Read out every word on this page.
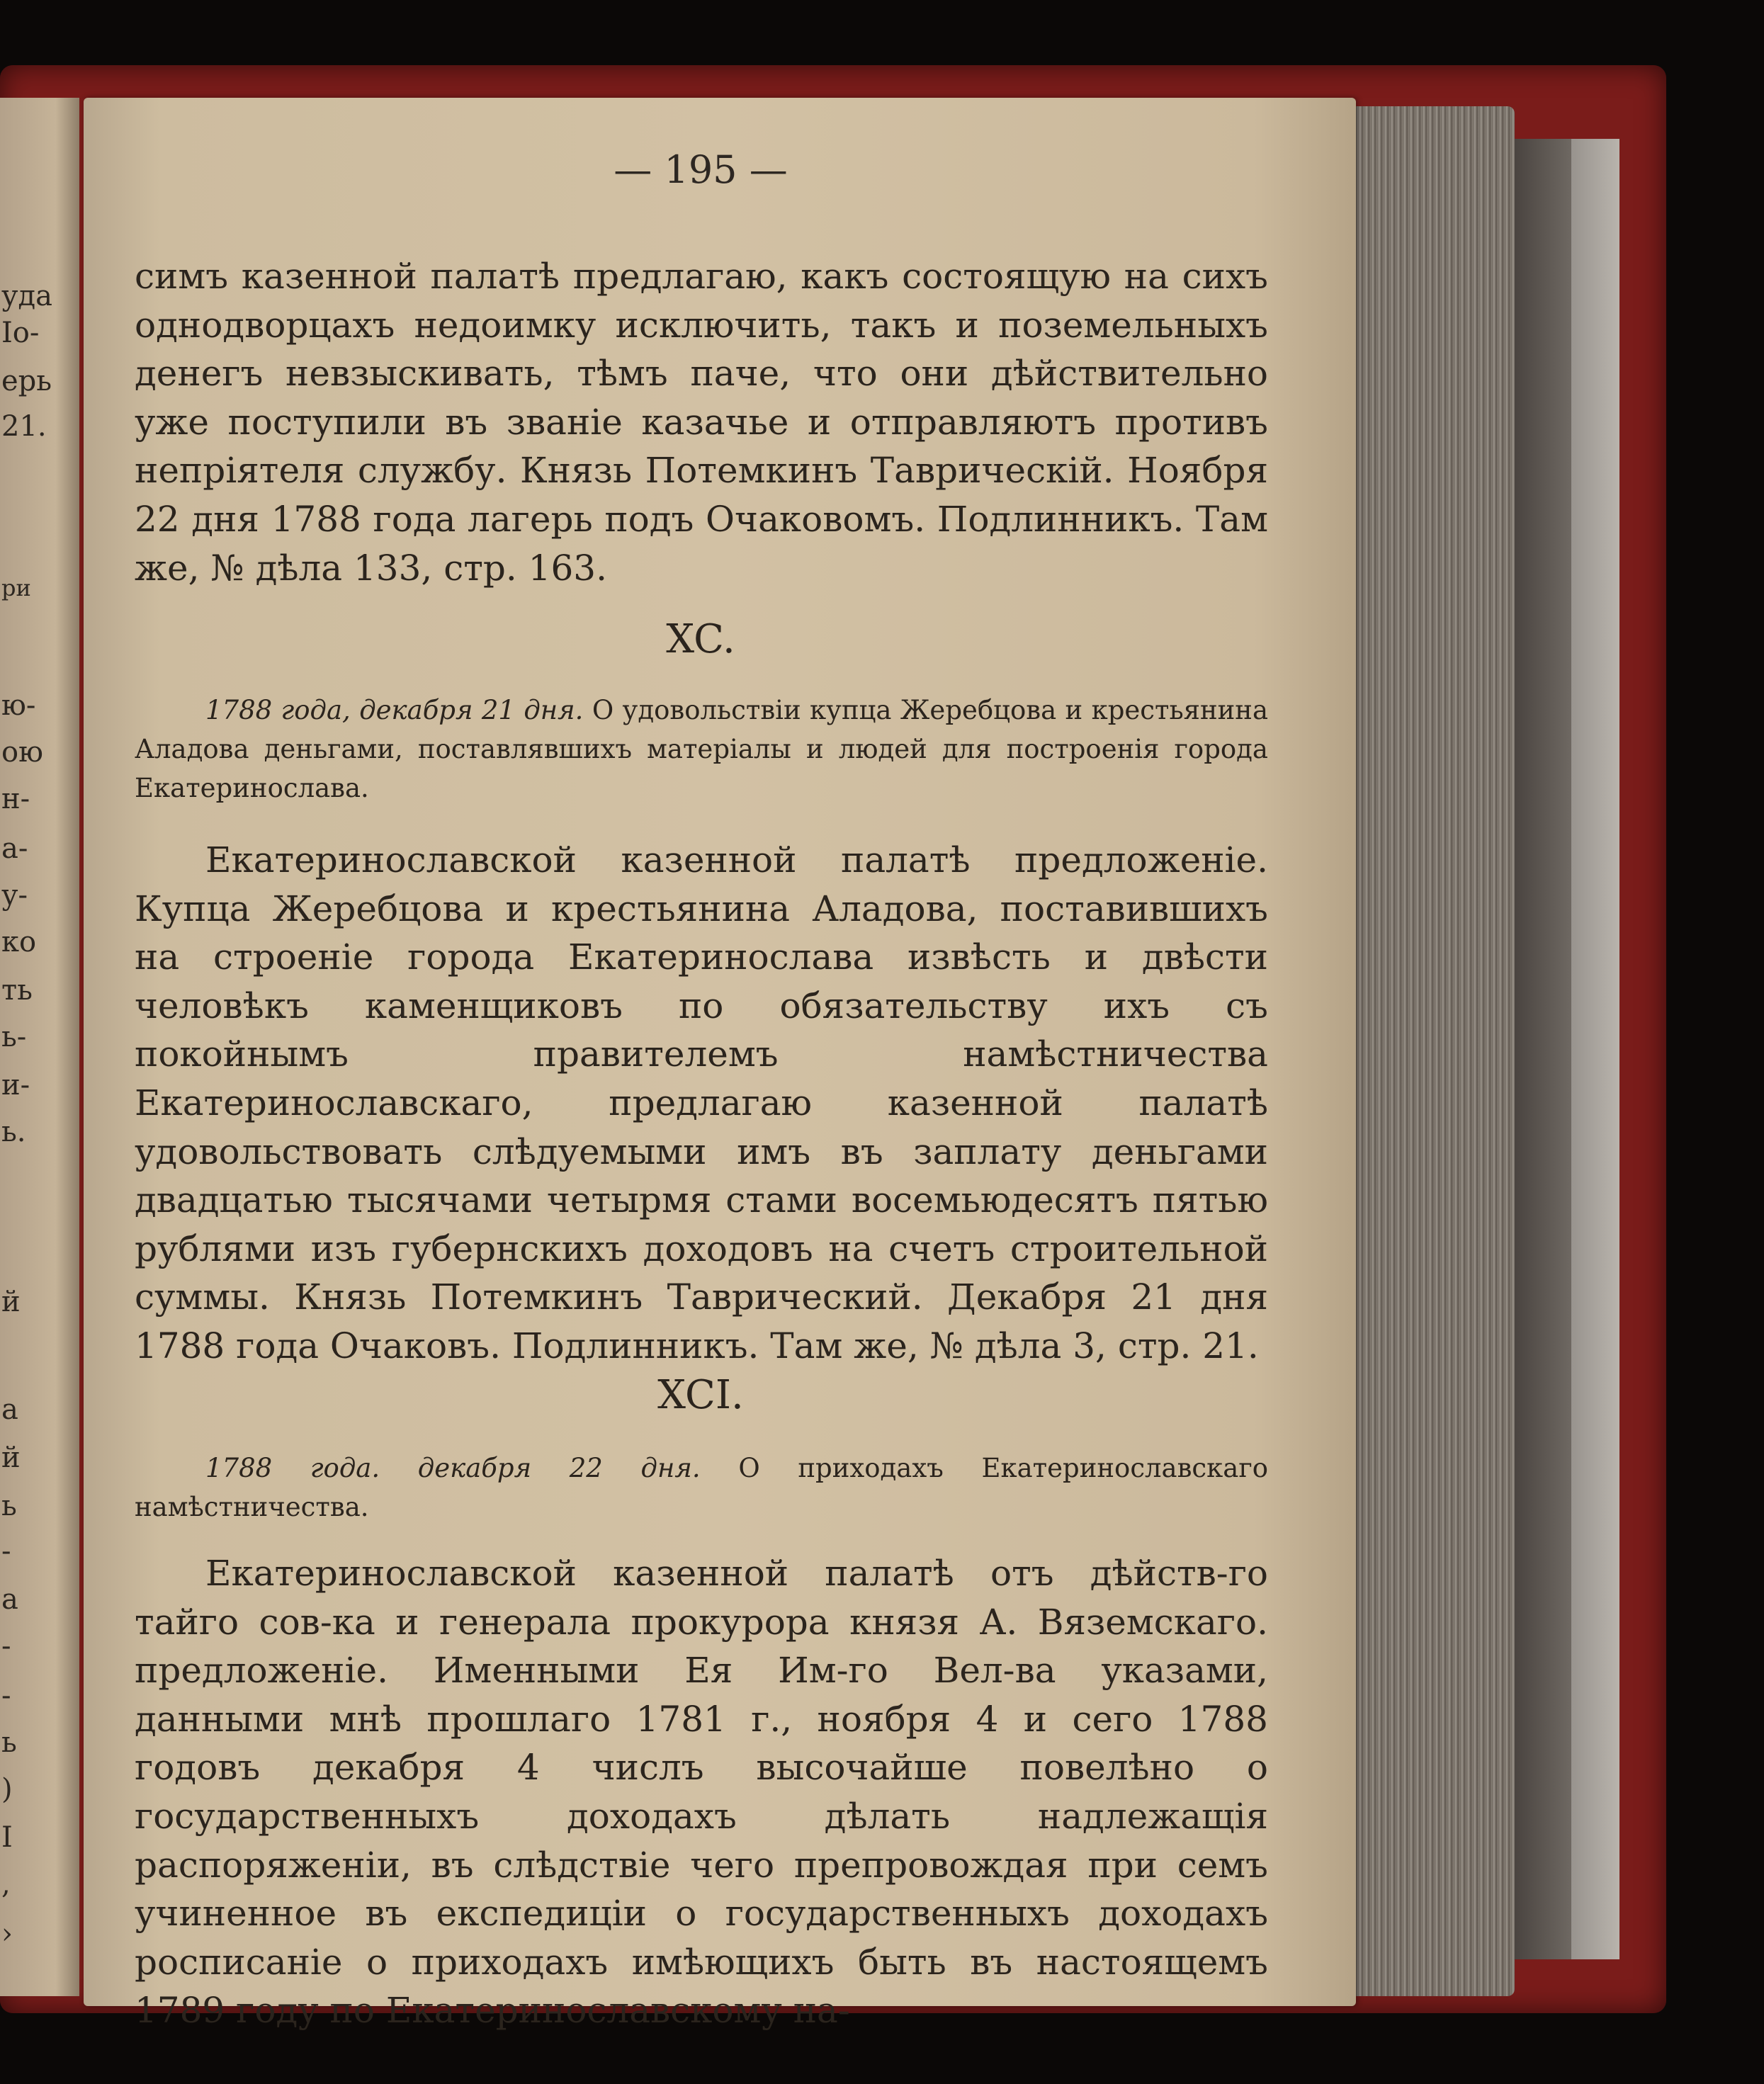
уда
Io-
ерь
21.
ри
ю-
ою
н-
а-
у-
ко
ть
ь-
и-
ь.
й
а
й
ь
-
а
-
-
ь
)
I
,
›
— 195 —
симъ казенной палатѣ предлагаю, какъ состоящую на сихъ однодворцахъ недоимку исключить, такъ и поземельныхъ денегъ невзыскивать, тѣмъ паче, что они дѣйствительно уже поступили въ званіе казачье и отправляютъ противъ непріятеля службу. Князь Потемкинъ Таврическій. Ноября 22 дня 1788 года лагерь подъ Очаковомъ. Подлинникъ. Там же, № дѣла 133, стр. 163.
XC.
1788 года, декабря 21 дня. О удовольствіи купца Жеребцова и крестьянина Аладова деньгами, поставлявшихъ матеріалы и людей для построенія города Екатеринослава.
Екатеринославской казенной палатѣ предложеніе. Купца Жеребцова и крестьянина Аладова, поставившихъ на строеніе города Екатеринослава извѣсть и двѣсти человѣкъ каменщиковъ по обязательству ихъ съ покойнымъ правителемъ намѣстничества Екатеринославскаго, предлагаю казенной палатѣ удовольствовать слѣдуемыми имъ въ заплату деньгами двадцатью тысячами четырмя стами восемьюдесятъ пятью рублями изъ губернскихъ доходовъ на счетъ строительной суммы. Князь Потемкинъ Таврический. Декабря 21 дня 1788 года Очаковъ. Подлинникъ. Там же, № дѣла 3, стр. 21.
XCI.
1788 года. декабря 22 дня. О приходахъ Екатеринославскаго намѣстничества.
Екатеринославской казенной палатѣ отъ дѣйств-го тайго сов-ка и генерала прокурора князя А. Вяземскаго. предложеніе. Именными Ея Им-го Вел-ва указами, данными мнѣ прошлаго 1781 г., ноября 4 и сего 1788 годовъ декабря 4 числъ высочайше повелѣно о государственныхъ доходахъ дѣлать надлежащія распоряженіи, въ слѣдствіе чего препровождая при семъ учиненное въ експедиціи о государственныхъ доходахъ росписаніе о приходахъ имѣющихъ быть въ настоящемъ 1789 году по Екатеринославскому на-
